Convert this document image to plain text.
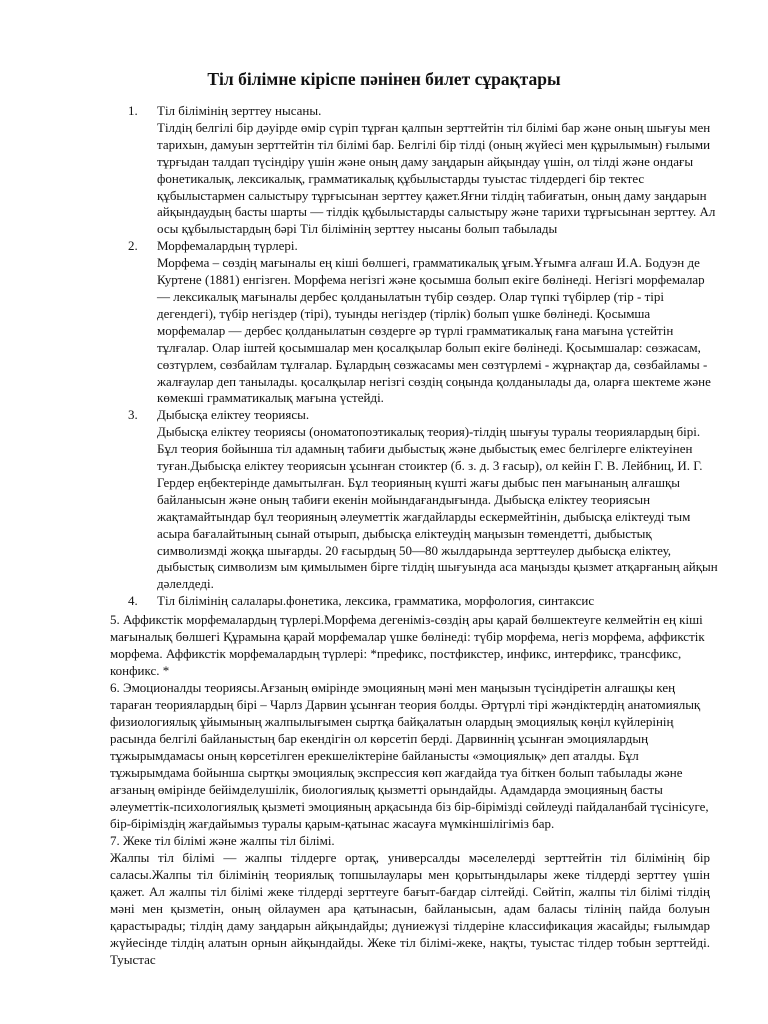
Тіл білімне кіріспе пәнінен билет сұрақтары
1.	Тіл білімінің зерттеу нысаны.
Тілдің белгілі бір дәуірде өмір сүріп тұрған қалпын зерттейтін тіл білімі бар және оның шығуы мен тарихын, дамуын зерттейтін тіл білімі бар. Белгілі бір тілді (оның жүйесі мен құрылымын) ғылыми тұрғыдан талдап түсіндіру үшін және оның даму заңдарын айқындау үшін, ол тілді және ондағы фонетикалық, лексикалық, грамматикалық құбылыстарды туыстас тілдердегі бір тектес құбылыстармен салыстыру тұрғысынан зерттеу қажет.Яғни тілдің табиғатын, оның даму заңдарын айқындаудың басты шарты — тілдік құбылыстарды салыстыру және тарихи тұрғысынан зерттеу. Ал осы құбылыстардың бәрі Тіл білімінің зерттеу нысаны болып табылады
2.	Морфемалардың түрлері.
Морфема – сөздің мағыналы ең кіші бөлшегі, грамматикалық ұғым.Ұғымға алғаш И.А. Бодуэн де Куртене (1881) енгізген. Морфема негізгі және қосымша болып екіге бөлінеді. Негізгі морфемалар — лексикалық мағыналы дербес қолданылатын түбір сөздер. Олар түпкі түбірлер (тір - тірі дегендегі), түбір негіздер (тірі), туынды негіздер (тірлік) болып үшке бөлінеді. Қосымша морфемалар — дербес қолданылатын сөздерге әр түрлі грамматикалық ғана мағына үстейтін тұлғалар. Олар іштей қосымшалар мен қосалқылар болып екіге бөлінеді. Қосымшалар: сөзжасам, сөзтүрлем, сөзбайлам тұлғалар. Бұлардың сөзжасамы мен сөзтүрлемі - жұрнақтар да, сөзбайламы - жалғаулар деп танылады. қосалқылар негізгі сөздің соңында қолданылады да, оларға шектеме және көмекші грамматикалық мағына үстейді.
3.	Дыбысқа еліктеу теориясы.
Дыбысқа еліктеу теориясы (ономатопоэтикалық теория)-тілдің шығуы туралы теориялардың бірі. Бұл теория бойынша тіл адамның табиғи дыбыстық және дыбыстық емес белгілерге еліктеуінен туған.Дыбысқа еліктеу теориясын ұсынған стоиктер (б. з. д. 3 ғасыр), ол кейін Г. В. Лейбниц, И. Г. Гердер еңбектерінде дамытылған. Бұл теорияның күшті жағы дыбыс пен мағынаның алғашқы байланысын және оның табиғи екенін мойындағандығында. Дыбысқа еліктеу теориясын жақтамайтындар бұл теорияның әлеуметтік жағдайларды ескермейтінін, дыбысқа еліктеуді тым асыра бағалайтының сынай отырып, дыбысқа еліктеудің маңызын төмендетті, дыбыстық символизмді жоққа шығарды. 20 ғасырдың 50—80 жылдарында зерттеулер дыбысқа еліктеу, дыбыстық символизм ым қимылымен бірге тілдің шығуында аса маңызды қызмет атқарғаның айқын дәлелдеді.
4.	Тіл білімінің салалары.фонетика, лексика, грамматика, морфология, синтаксис

5. Аффикстік морфемалардың түрлері.Морфема дегеніміз-сөздің ары қарай бөлшектеуге келмейтін ең кіші мағыналық бөлшегі Құрамына қарай морфемалар үшке бөлінеді: түбір морфема, негіз морфема, аффикстік морфема. Аффикстік морфемалардың түрлері: *префикс, постфикстер, инфикс, интерфикс, трансфикс, конфикс. *

6. Эмоционалды теориясы.Ағзаның өмірінде эмоцияның мәні мен маңызын түсіндіретін алғашқы кең тараған теориялардың бірі – Чарлз Дарвин ұсынған теория болды. Әртүрлі тірі жәндіктердің анатомиялық физиологиялық ұйымының жалпылығымен сыртқа байқалатын олардың эмоциялық көңіл күйлерінің расында белгілі байланыстың бар екендігін ол көрсетіп берді. Дарвиннің ұсынған эмоциялардың тұжырымдамасы оның көрсетілген ерекшеліктеріне байланысты «эмоциялық» деп аталды. Бұл тұжырымдама бойынша сыртқы эмоциялық экспрессия көп жағдайда туа біткен болып табылады және ағзаның өмірінде бейімделушілік, биологиялық қызметті орындайды. Адамдарда эмоцияның басты әлеуметтік-психологиялық қызметі эмоцияның арқасында біз бір-бірімізді сөйлеуді пайдаланбай түсінісуге, бір-біріміздің жағдайымыз туралы қарым-қатынас жасауға мүмкіншілігіміз бар.

7. Жеке тіл білімі және жалпы тіл білімі.

Жалпы тіл білімі — жалпы тілдерге ортақ, универсалды мәселелерді зерттейтін тіл білімінің бір саласы.Жалпы тіл білімінің теориялық топшылаулары мен қорытындылары жеке тілдерді зерттеу үшін қажет. Ал жалпы тіл білімі жеке тілдерді зерттеуге бағыт-бағдар сілтейді. Сөйтіп, жалпы тіл білімі тілдің мәні мен қызметін, оның ойлаумен ара қатынасын, байланысын, адам баласы тілінің пайда болуын қарастырады; тілдің даму заңдарын айқындайды; дүниежүзі тілдеріне классификация жасайды; ғылымдар жүйесінде тілдің алатын орнын айқындайды. Жеке тіл білімі-жеке, нақты, туыстас тілдер тобын зерттейді. Туыстас
